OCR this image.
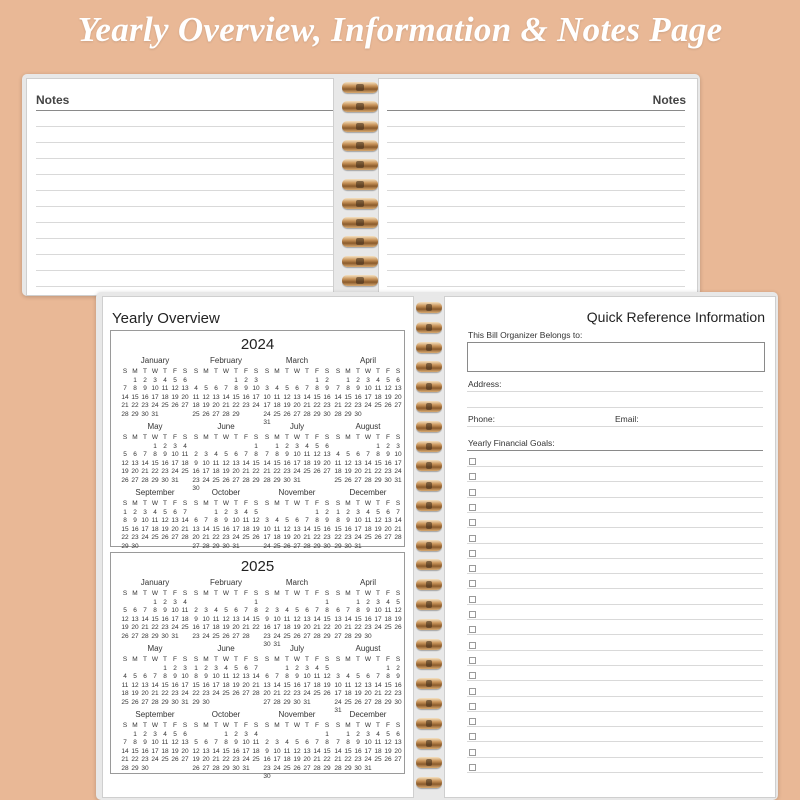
Yearly Overview, Information & Notes Page
Notes	Notes
Yearly Overview
2024
January
S	M	T	W	T	F	S
	1	2	3	4	5	6
7	8	9	10	11	12	13
14	15	16	17	18	19	20
21	22	23	24	25	26	27
28	29	30	31			
February
S	M	T	W	T	F	S
				1	2	3
4	5	6	7	8	9	10
11	12	13	14	15	16	17
18	19	20	21	22	23	24
25	26	27	28	29		
March
S	M	T	W	T	F	S
					1	2
3	4	5	6	7	8	9
10	11	12	13	14	15	16
17	18	19	20	21	22	23
24	25	26	27	28	29	30
31						
April
S	M	T	W	T	F	S
	1	2	3	4	5	6
7	8	9	10	11	12	13
14	15	16	17	18	19	20
21	22	23	24	25	26	27
28	29	30				
May
S	M	T	W	T	F	S
			1	2	3	4
5	6	7	8	9	10	11
12	13	14	15	16	17	18
19	20	21	22	23	24	25
26	27	28	29	30	31	
June
S	M	T	W	T	F	S
						1
2	3	4	5	6	7	8
9	10	11	12	13	14	15
16	17	18	19	20	21	22
23	24	25	26	27	28	29
30						
July
S	M	T	W	T	F	S
	1	2	3	4	5	6
7	8	9	10	11	12	13
14	15	16	17	18	19	20
21	22	23	24	25	26	27
28	29	30	31			
August
S	M	T	W	T	F	S
				1	2	3
4	5	6	7	8	9	10
11	12	13	14	15	16	17
18	19	20	21	22	23	24
25	26	27	28	29	30	31
September
S	M	T	W	T	F	S
1	2	3	4	5	6	7
8	9	10	11	12	13	14
15	16	17	18	19	20	21
22	23	24	25	26	27	28
29	30					
October
S	M	T	W	T	F	S
		1	2	3	4	5
6	7	8	9	10	11	12
13	14	15	16	17	18	19
20	21	22	23	24	25	26
27	28	29	30	31		
November
S	M	T	W	T	F	S
					1	2
3	4	5	6	7	8	9
10	11	12	13	14	15	16
17	18	19	20	21	22	23
24	25	26	27	28	29	30
December
S	M	T	W	T	F	S
1	2	3	4	5	6	7
8	9	10	11	12	13	14
15	16	17	18	19	20	21
22	23	24	25	26	27	28
29	30	31				
2025
January
S	M	T	W	T	F	S
			1	2	3	4
5	6	7	8	9	10	11
12	13	14	15	16	17	18
19	20	21	22	23	24	25
26	27	28	29	30	31	
February
S	M	T	W	T	F	S
						1
2	3	4	5	6	7	8
9	10	11	12	13	14	15
16	17	18	19	20	21	22
23	24	25	26	27	28	
March
S	M	T	W	T	F	S
						1
2	3	4	5	6	7	8
9	10	11	12	13	14	15
16	17	18	19	20	21	22
23	24	25	26	27	28	29
30	31					
April
S	M	T	W	T	F	S
		1	2	3	4	5
6	7	8	9	10	11	12
13	14	15	16	17	18	19
20	21	22	23	24	25	26
27	28	29	30			
May
S	M	T	W	T	F	S
				1	2	3
4	5	6	7	8	9	10
11	12	13	14	15	16	17
18	19	20	21	22	23	24
25	26	27	28	29	30	31
June
S	M	T	W	T	F	S
1	2	3	4	5	6	7
8	9	10	11	12	13	14
15	16	17	18	19	20	21
22	23	24	25	26	27	28
29	30					
July
S	M	T	W	T	F	S
		1	2	3	4	5
6	7	8	9	10	11	12
13	14	15	16	17	18	19
20	21	22	23	24	25	26
27	28	29	30	31		
August
S	M	T	W	T	F	S
					1	2
3	4	5	6	7	8	9
10	11	12	13	14	15	16
17	18	19	20	21	22	23
24	25	26	27	28	29	30
31						
September
S	M	T	W	T	F	S
	1	2	3	4	5	6
7	8	9	10	11	12	13
14	15	16	17	18	19	20
21	22	23	24	25	26	27
28	29	30				
October
S	M	T	W	T	F	S
			1	2	3	4
5	6	7	8	9	10	11
12	13	14	15	16	17	18
19	20	21	22	23	24	25
26	27	28	29	30	31	
November
S	M	T	W	T	F	S
						1
2	3	4	5	6	7	8
9	10	11	12	13	14	15
16	17	18	19	20	21	22
23	24	25	26	27	28	29
30						
December
S	M	T	W	T	F	S
	1	2	3	4	5	6
7	8	9	10	11	12	13
14	15	16	17	18	19	20
21	22	23	24	25	26	27
28	29	30	31			
Quick Reference Information
This Bill Organizer Belongs to:
Address:
Phone:	Email:
Yearly Financial Goals:
